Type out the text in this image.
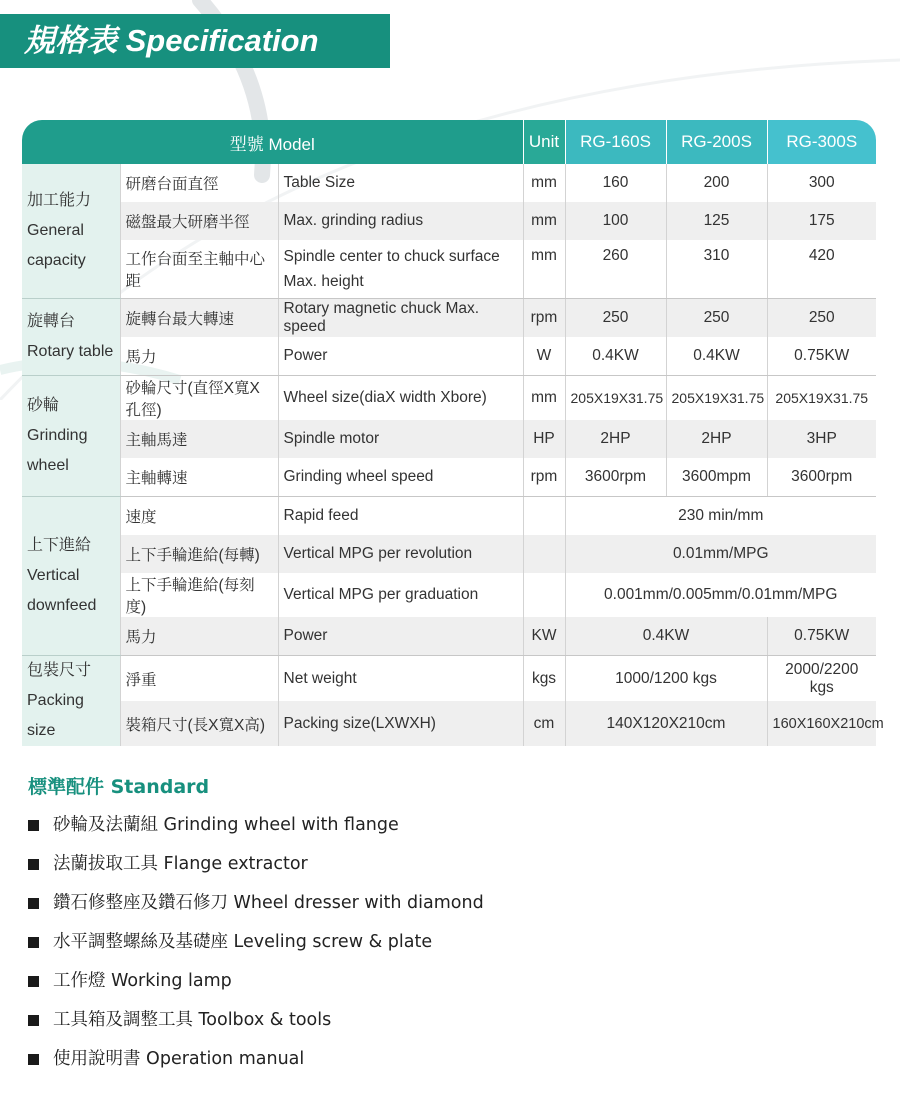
規格表 Specification
型號 Model			Unit	RG-160S	RG-200S	RG-300S

加工能力
General capacity	研磨台面直徑	Table Size	mm	160	200	300
	磁盤最大研磨半徑	Max. grinding radius	mm	100	125	175
	工作台面至主軸中心距	Spindle center to chuck surface Max. height	mm	260	310	420

旋轉台
Rotary table	旋轉台最大轉速	Rotary magnetic chuck Max. speed	rpm	250	250	250
	馬力	Power	W	0.4KW	0.4KW	0.75KW

砂輪
Grinding wheel	砂輪尺寸(直徑X寬X孔徑)	Wheel size(diaX width Xbore)	mm	205X19X31.75	205X19X31.75	205X19X31.75
	主軸馬達	Spindle motor	HP	2HP	2HP	3HP
	主軸轉速	Grinding wheel speed	rpm	3600rpm	3600mpm	3600rpm

上下進給
Vertical downfeed	速度	Rapid feed		230 min/mm		
	上下手輪進給(每轉)	Vertical MPG per revolution		0.01mm/MPG		
	上下手輪進給(每刻度)	Vertical MPG per graduation		0.001mm/0.005mm/0.01mm/MPG		
	馬力	Power	KW	0.4KW		0.75KW

包裝尺寸
Packing size	淨重	Net weight	kgs	1000/1200 kgs		2000/2200 kgs
	裝箱尺寸(長X寬X高)	Packing size(LXWXH)	cm	140X120X210cm		160X160X210cm
標準配件 Standard
砂輪及法蘭組 Grinding wheel with flange
法蘭拔取工具 Flange extractor
鑽石修整座及鑽石修刀 Wheel dresser with diamond
水平調整螺絲及基礎座 Leveling screw & plate
工作燈 Working lamp
工具箱及調整工具 Toolbox & tools
使用說明書 Operation manual
